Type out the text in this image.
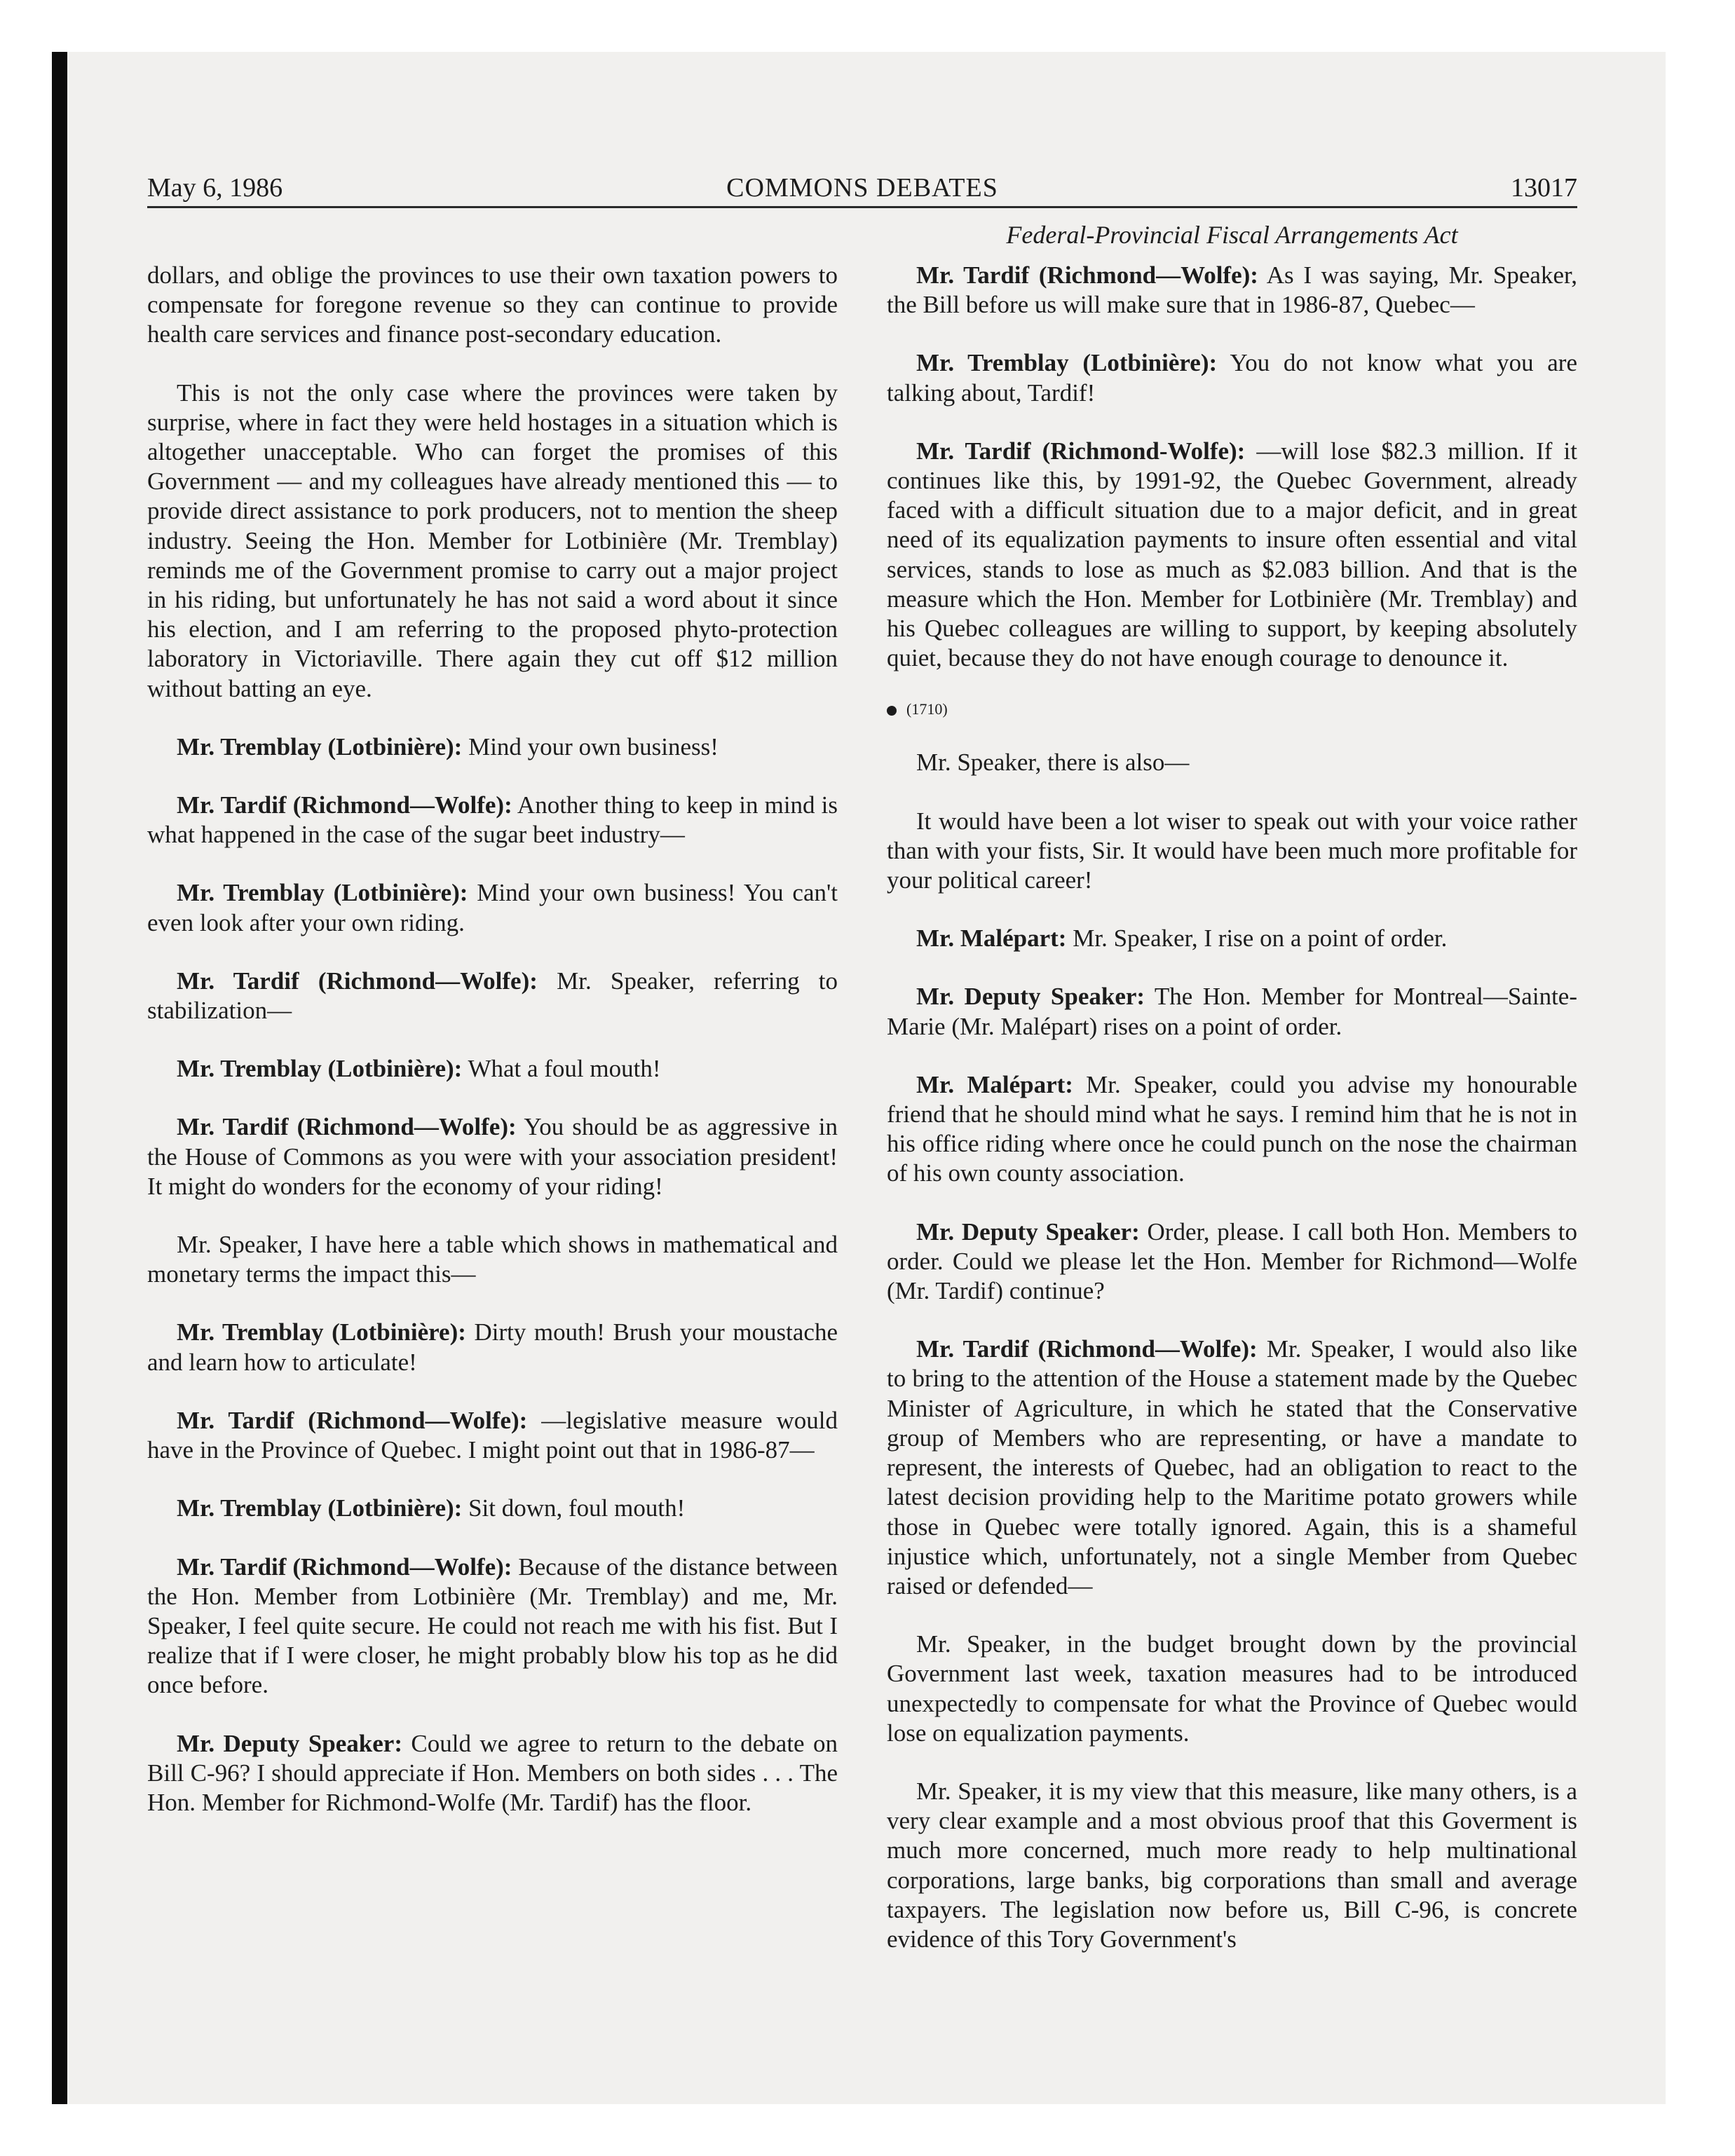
May 6, 1986	COMMONS DEBATES	13017

dollars, and oblige the provinces to use their own taxation powers to compensate for foregone revenue so they can continue to provide health care services and finance post-secondary education.

This is not the only case where the provinces were taken by surprise, where in fact they were held hostages in a situation which is altogether unacceptable. Who can forget the promises of this Government — and my colleagues have already mentioned this — to provide direct assistance to pork producers, not to mention the sheep industry. Seeing the Hon. Member for Lotbinière (Mr. Tremblay) reminds me of the Government promise to carry out a major project in his riding, but unfortunately he has not said a word about it since his election, and I am referring to the proposed phyto-protection laboratory in Victoriaville. There again they cut off $12 million without batting an eye.

Mr. Tremblay (Lotbinière): Mind your own business!

Mr. Tardif (Richmond—Wolfe): Another thing to keep in mind is what happened in the case of the sugar beet industry—

Mr. Tremblay (Lotbinière): Mind your own business! You can't even look after your own riding.

Mr. Tardif (Richmond—Wolfe): Mr. Speaker, referring to stabilization—

Mr. Tremblay (Lotbinière): What a foul mouth!

Mr. Tardif (Richmond—Wolfe): You should be as aggressive in the House of Commons as you were with your association president! It might do wonders for the economy of your riding!

Mr. Speaker, I have here a table which shows in mathematical and monetary terms the impact this—

Mr. Tremblay (Lotbinière): Dirty mouth! Brush your moustache and learn how to articulate!

Mr. Tardif (Richmond—Wolfe): —legislative measure would have in the Province of Quebec. I might point out that in 1986-87—

Mr. Tremblay (Lotbinière): Sit down, foul mouth!

Mr. Tardif (Richmond—Wolfe): Because of the distance between the Hon. Member from Lotbinière (Mr. Tremblay) and me, Mr. Speaker, I feel quite secure. He could not reach me with his fist. But I realize that if I were closer, he might probably blow his top as he did once before.

Mr. Deputy Speaker: Could we agree to return to the debate on Bill C-96? I should appreciate if Hon. Members on both sides . . . The Hon. Member for Richmond-Wolfe (Mr. Tardif) has the floor.

Federal-Provincial Fiscal Arrangements Act

Mr. Tardif (Richmond—Wolfe): As I was saying, Mr. Speaker, the Bill before us will make sure that in 1986-87, Quebec—

Mr. Tremblay (Lotbinière): You do not know what you are talking about, Tardif!

Mr. Tardif (Richmond-Wolfe): —will lose $82.3 million. If it continues like this, by 1991-92, the Quebec Government, already faced with a difficult situation due to a major deficit, and in great need of its equalization payments to insure often essential and vital services, stands to lose as much as $2.083 billion. And that is the measure which the Hon. Member for Lotbinière (Mr. Tremblay) and his Quebec colleagues are willing to support, by keeping absolutely quiet, because they do not have enough courage to denounce it.

(1710)

Mr. Speaker, there is also—

It would have been a lot wiser to speak out with your voice rather than with your fists, Sir. It would have been much more profitable for your political career!

Mr. Malépart: Mr. Speaker, I rise on a point of order.

Mr. Deputy Speaker: The Hon. Member for Montreal—Sainte-Marie (Mr. Malépart) rises on a point of order.

Mr. Malépart: Mr. Speaker, could you advise my honourable friend that he should mind what he says. I remind him that he is not in his office riding where once he could punch on the nose the chairman of his own county association.

Mr. Deputy Speaker: Order, please. I call both Hon. Members to order. Could we please let the Hon. Member for Richmond—Wolfe (Mr. Tardif) continue?

Mr. Tardif (Richmond—Wolfe): Mr. Speaker, I would also like to bring to the attention of the House a statement made by the Quebec Minister of Agriculture, in which he stated that the Conservative group of Members who are representing, or have a mandate to represent, the interests of Quebec, had an obligation to react to the latest decision providing help to the Maritime potato growers while those in Quebec were totally ignored. Again, this is a shameful injustice which, unfortunately, not a single Member from Quebec raised or defended—

Mr. Speaker, in the budget brought down by the provincial Government last week, taxation measures had to be introduced unexpectedly to compensate for what the Province of Quebec would lose on equalization payments.

Mr. Speaker, it is my view that this measure, like many others, is a very clear example and a most obvious proof that this Goverment is much more concerned, much more ready to help multinational corporations, large banks, big corporations than small and average taxpayers. The legislation now before us, Bill C-96, is concrete evidence of this Tory Government's
